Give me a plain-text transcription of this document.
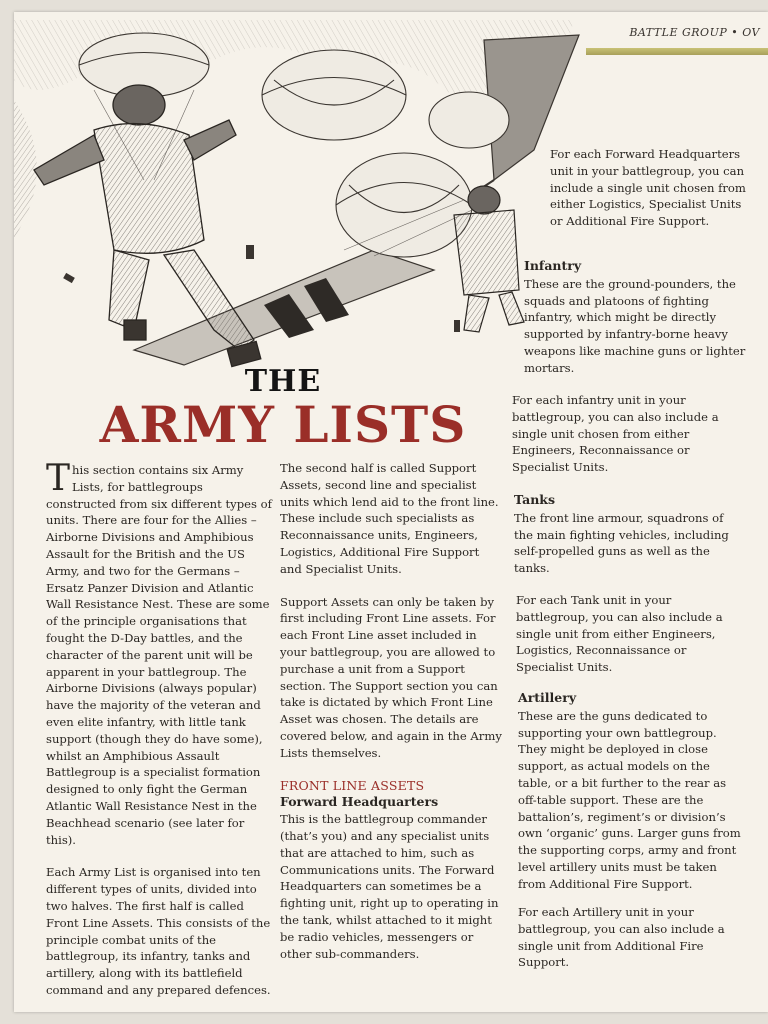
BATTLE GROUP • OV
THE
ARMY LISTS

This section contains six Army Lists, for battlegroups constructed from six different types of units. There are four for the Allies – Airborne Divisions and Amphibious Assault for the British and the US Army, and two for the Germans – Ersatz Panzer Division and Atlantic Wall Resistance Nest. These are some of the principle organisations that fought the D-Day battles, and the character of the parent unit will be apparent in your battlegroup. The Airborne Divisions (always popular) have the majority of the veteran and even elite infantry, with little tank support (though they do have some), whilst an Amphibious Assault Battlegroup is a specialist formation designed to only fight the German Atlantic Wall Resistance Nest in the Beachhead scenario (see later for this).

Each Army List is organised into ten different types of units, divided into two halves. The first half is called Front Line Assets. This consists of the principle combat units of the battlegroup, its infantry, tanks and artillery, along with its battlefield command and any prepared defences.

The second half is called Support Assets, second line and specialist units which lend aid to the front line. These include such specialists as Reconnaissance units, Engineers, Logistics, Additional Fire Support and Specialist Units.

Support Assets can only be taken by first including Front Line assets. For each Front Line asset included in your battlegroup, you are allowed to purchase a unit from a Support section. The Support section you can take is dictated by which Front Line Asset was chosen. The details are covered below, and again in the Army Lists themselves.

FRONT LINE ASSETS
Forward Headquarters

This is the battlegroup commander (that’s you) and any specialist units that are attached to him, such as Communications units. The Forward Headquarters can sometimes be a fighting unit, right up to operating in the tank, whilst attached to it might be radio vehicles, messengers or other sub-commanders.

For each Forward Headquarters unit in your battlegroup, you can include a single unit chosen from either Logistics, Specialist Units or Additional Fire Support.

Infantry

These are the ground-pounders, the squads and platoons of fighting infantry, which might be directly supported by infantry-borne heavy weapons like machine guns or lighter mortars.

For each infantry unit in your battlegroup, you can also include a single unit chosen from either Engineers, Reconnaissance or Specialist Units.

Tanks

The front line armour, squadrons of the main fighting vehicles, including self-propelled guns as well as the tanks.

For each Tank unit in your battlegroup, you can also include a single unit from either Engineers, Logistics, Reconnaissance or Specialist Units.

Artillery

These are the guns dedicated to supporting your own battlegroup. They might be deployed in close support, as actual models on the table, or a bit further to the rear as off-table support. These are the battalion’s, regiment’s or division’s own ‘organic’ guns. Larger guns from the supporting corps, army and front level artillery units must be taken from Additional Fire Support.

For each Artillery unit in your battlegroup, you can also include a single unit from Additional Fire Support.
